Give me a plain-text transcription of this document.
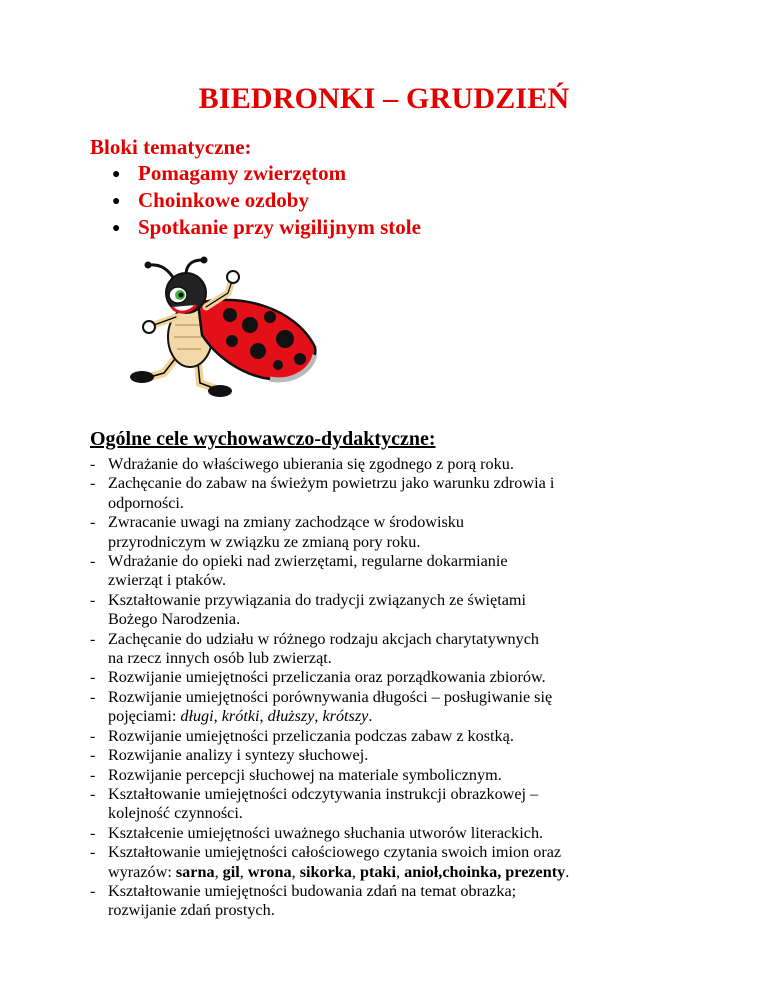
BIEDRONKI – GRUDZIEŃ
Bloki tematyczne:
● Pomagamy zwierzętom
● Choinkowe ozdoby
● Spotkanie przy wigilijnym stole
Ogólne cele wychowawczo-dydaktyczne:
- Wdrażanie do właściwego ubierania się zgodnego z porą roku.
- Zachęcanie do zabaw na świeżym powietrzu jako warunku zdrowia i
odporności.
- Zwracanie uwagi na zmiany zachodzące w środowisku
przyrodniczym w związku ze zmianą pory roku.
- Wdrażanie do opieki nad zwierzętami, regularne dokarmianie
zwierząt i ptaków.
- Kształtowanie przywiązania do tradycji związanych ze świętami
Bożego Narodzenia.
- Zachęcanie do udziału w różnego rodzaju akcjach charytatywnych
na rzecz innych osób lub zwierząt.
- Rozwijanie umiejętności przeliczania oraz porządkowania zbiorów.
- Rozwijanie umiejętności porównywania długości – posługiwanie się
pojęciami: długi, krótki, dłuższy, krótszy.
- Rozwijanie umiejętności przeliczania podczas zabaw z kostką.
- Rozwijanie analizy i syntezy słuchowej.
- Rozwijanie percepcji słuchowej na materiale symbolicznym.
- Kształtowanie umiejętności odczytywania instrukcji obrazkowej –
kolejność czynności.
- Kształcenie umiejętności uważnego słuchania utworów literackich.
- Kształtowanie umiejętności całościowego czytania swoich imion oraz
wyrazów: sarna, gil, wrona, sikorka, ptaki, anioł,choinka, prezenty.
- Kształtowanie umiejętności budowania zdań na temat obrazka;
rozwijanie zdań prostych.
